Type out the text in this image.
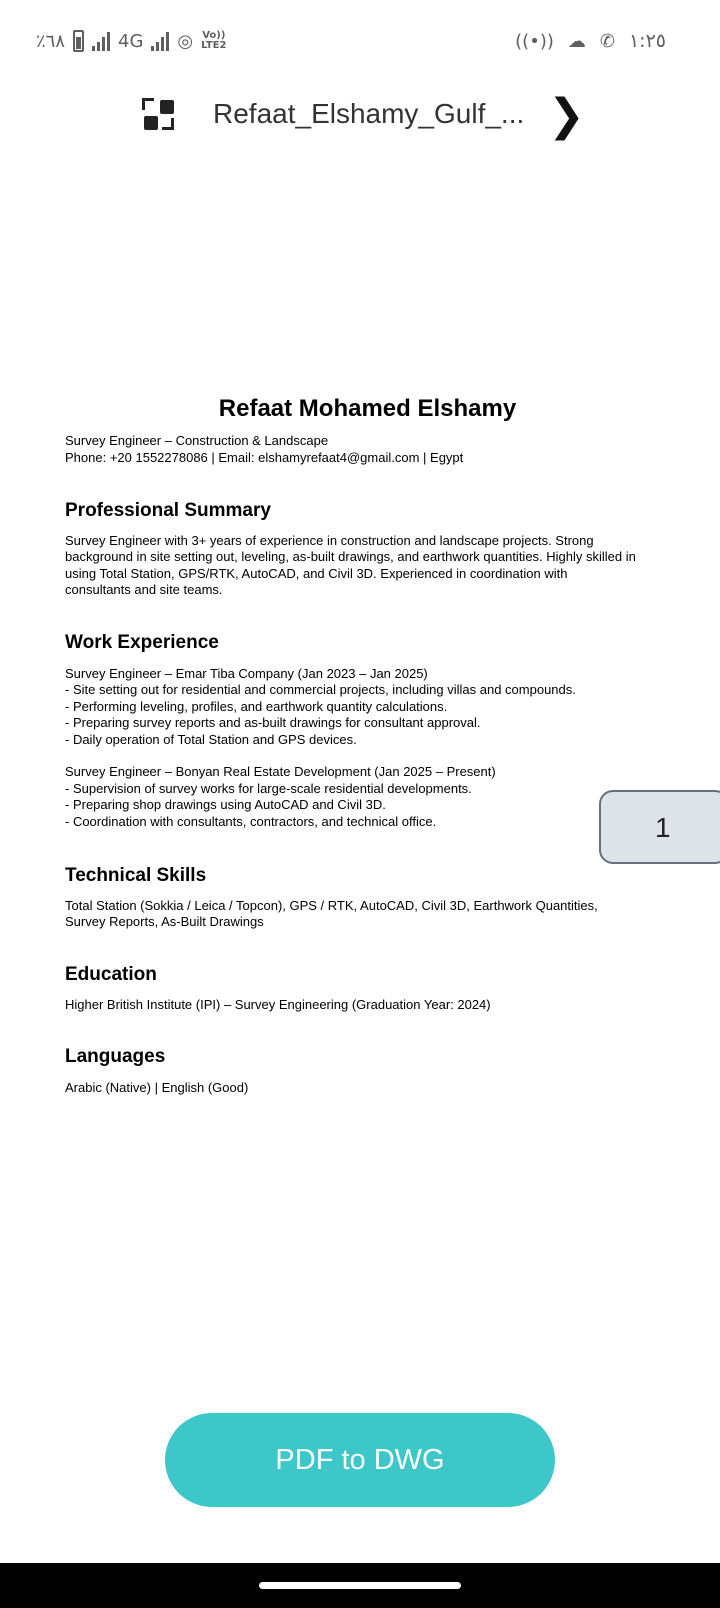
٪٦٨	4G ◎ Vo))
LTE2	((•)) ☁ ✆ ١:٢٥
Refaat_Elshamy_Gulf_... ❯
Refaat Mohamed Elshamy
Survey Engineer – Construction & Landscape
Phone: +20 1552278086 | Email: elshamyrefaat4@gmail.com | Egypt
Professional Summary
Survey Engineer with 3+ years of experience in construction and landscape projects. Strong
background in site setting out, leveling, as-built drawings, and earthwork quantities. Highly skilled in
using Total Station, GPS/RTK, AutoCAD, and Civil 3D. Experienced in coordination with
consultants and site teams.
Work Experience
Survey Engineer – Emar Tiba Company (Jan 2023 – Jan 2025)
- Site setting out for residential and commercial projects, including villas and compounds.
- Performing leveling, profiles, and earthwork quantity calculations.
- Preparing survey reports and as-built drawings for consultant approval.
- Daily operation of Total Station and GPS devices.
Survey Engineer – Bonyan Real Estate Development (Jan 2025 – Present)
- Supervision of survey works for large-scale residential developments.
- Preparing shop drawings using AutoCAD and Civil 3D.
- Coordination with consultants, contractors, and technical office.
Technical Skills
Total Station (Sokkia / Leica / Topcon), GPS / RTK, AutoCAD, Civil 3D, Earthwork Quantities,
Survey Reports, As-Built Drawings
Education
Higher British Institute (IPI) – Survey Engineering (Graduation Year: 2024)
Languages
Arabic (Native) | English (Good)
1
PDF to DWG
